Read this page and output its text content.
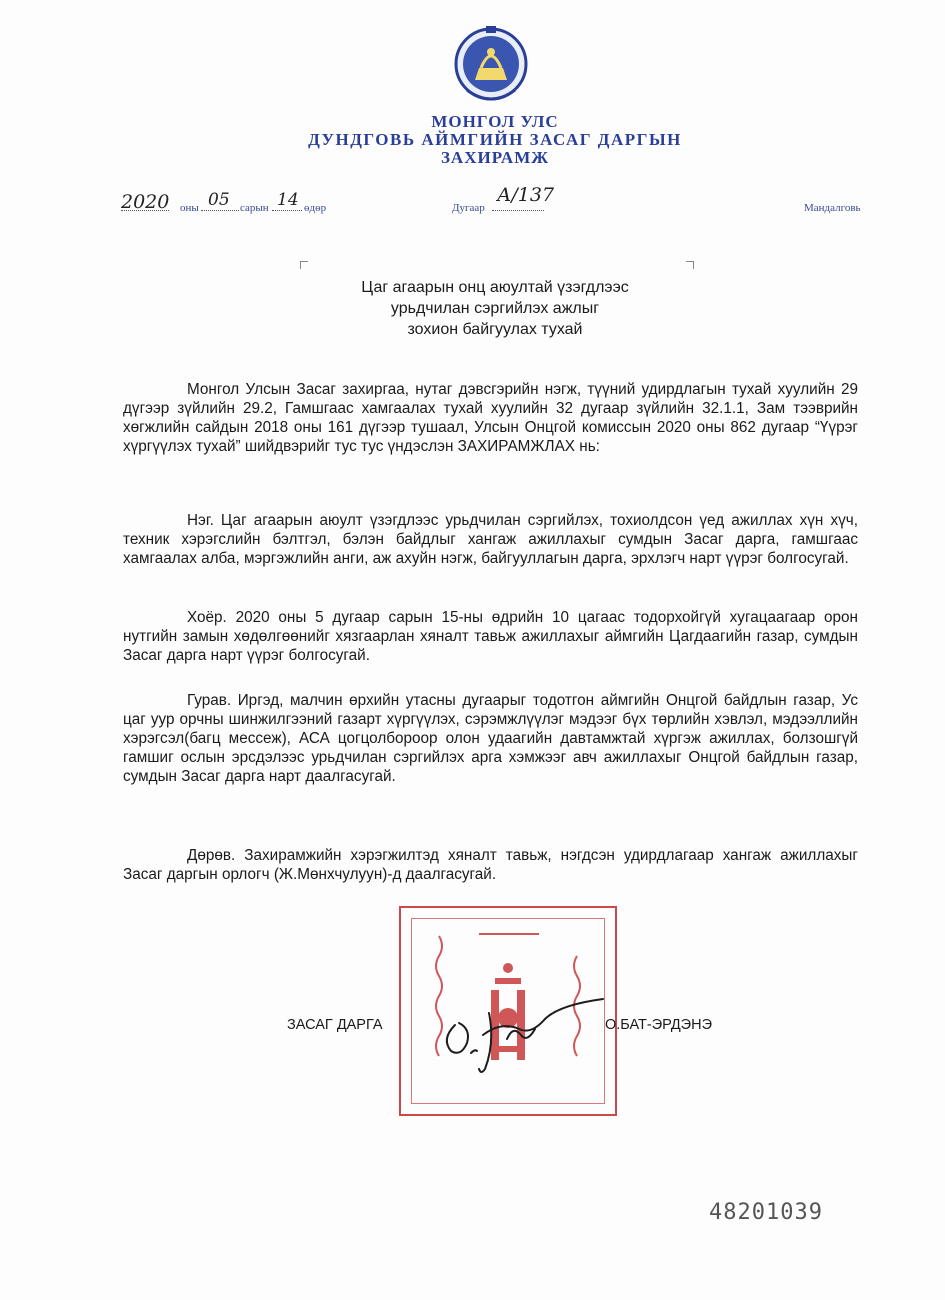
МОНГОЛ УЛС
ДУНДГОВЬ АЙМГИЙН ЗАСАГ ДАРГЫН
ЗАХИРАМЖ
2020 оны 05 сарын 14 өдөр	Дугаар
А/137
Мандалговь
Цаг агаарын онц аюултай үзэгдлээс
урьдчилан сэргийлэх ажлыг
зохион байгуулах тухай

Монгол Улсын Засаг захиргаа, нутаг дэвсгэрийн нэгж, түүний удирдлагын тухай хуулийн 29 дүгээр зүйлийн 29.2, Гамшгаас хамгаалах тухай хуулийн 32 дугаар зүйлийн 32.1.1, Зам тээврийн хөгжлийн сайдын 2018 оны 161 дүгээр тушаал, Улсын Онцгой комиссын 2020 оны 862 дугаар “Үүрэг хүргүүлэх тухай” шийдвэрийг тус тус үндэслэн ЗАХИРАМЖЛАХ нь:

Нэг. Цаг агаарын аюулт үзэгдлээс урьдчилан сэргийлэх, тохиолдсон үед ажиллах хүн хүч, техник хэрэгслийн бэлтгэл, бэлэн байдлыг хангаж ажиллахыг сумдын Засаг дарга, гамшгаас хамгаалах алба, мэргэжлийн анги, аж ахуйн нэгж, байгууллагын дарга, эрхлэгч нарт үүрэг болгосугай.

Хоёр. 2020 оны 5 дугаар сарын 15-ны өдрийн 10 цагаас тодорхойгүй хугацаагаар орон нутгийн замын хөдөлгөөнийг хязгаарлан хяналт тавьж ажиллахыг аймгийн Цагдаагийн газар, сумдын Засаг дарга нарт үүрэг болгосугай.

Гурав. Иргэд, малчин өрхийн утасны дугаарыг тодотгон аймгийн Онцгой байдлын газар, Ус цаг уур орчны шинжилгээний газарт хүргүүлэх, сэрэмжлүүлэг мэдээг бүх төрлийн хэвлэл, мэдээллийн хэрэгсэл(багц мессеж), АСА цогцолбороор олон удаагийн давтамжтай хүргэж ажиллах, болзошгүй гамшиг ослын эрсдэлээс урьдчилан сэргийлэх арга хэмжээг авч ажиллахыг Онцгой байдлын газар, сумдын Засаг дарга нарт даалгасугай.

Дөрөв. Захирамжийн хэрэгжилтэд хяналт тавьж, нэгдсэн удирдлагаар хангаж ажиллахыг Засаг даргын орлогч (Ж.Мөнхчулуун)-д даалгасугай.

ЗАСАГ ДАРГА	О.БАТ-ЭРДЭНЭ
48201039
